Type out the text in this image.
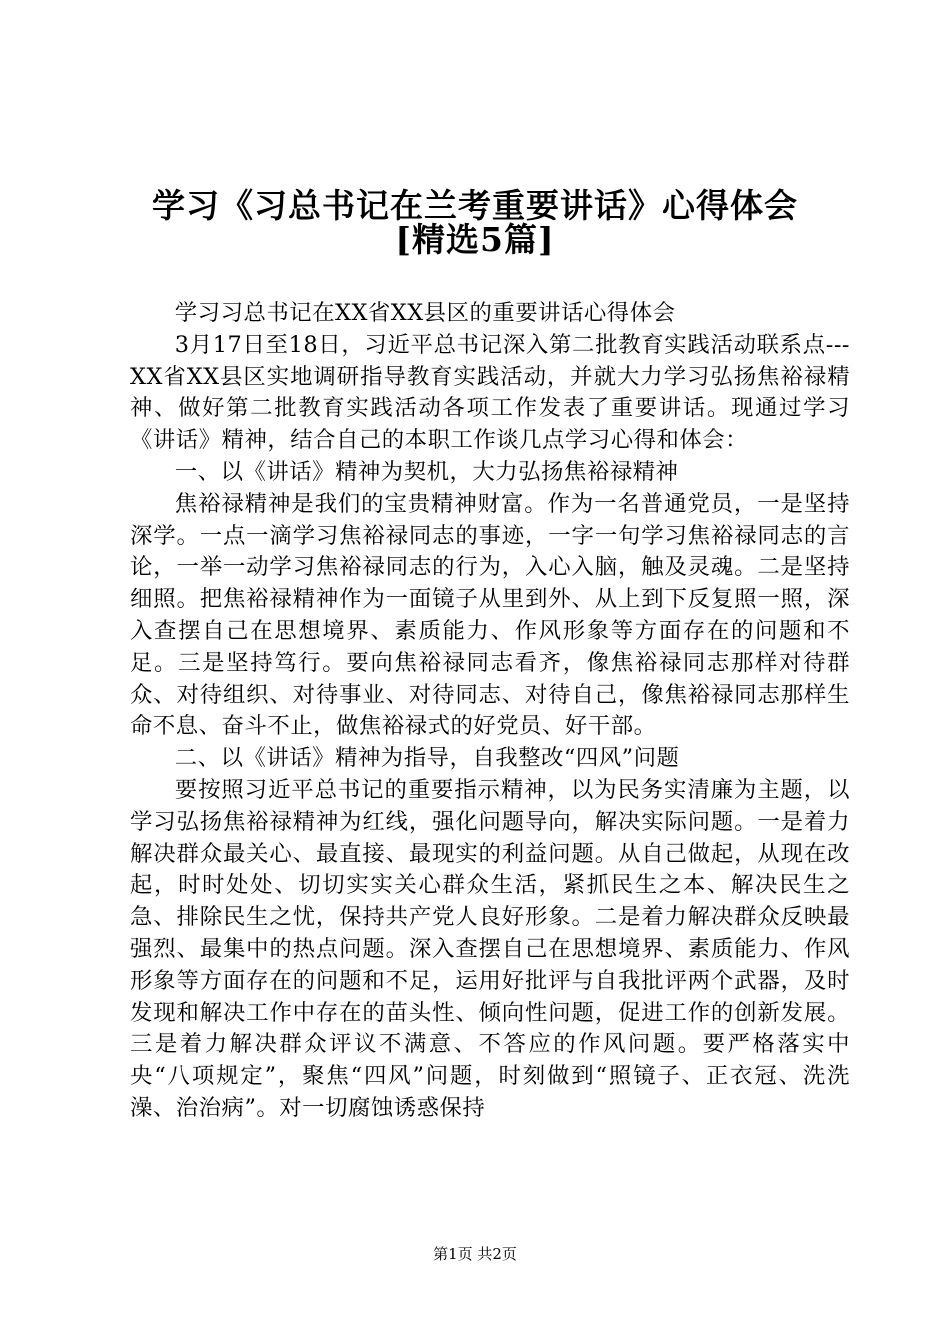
学习《习总书记在兰考重要讲话》心得体会
[精选5篇]

学习习总书记在XX省XX县区的重要讲话心得体会

3月17日至18日，习近平总书记深入第二批教育实践活动联系点---XX省XX县区实地调研指导教育实践活动，并就大力学习弘扬焦裕禄精神、做好第二批教育实践活动各项工作发表了重要讲话。现通过学习《讲话》精神，结合自己的本职工作谈几点学习心得和体会：

一、以《讲话》精神为契机，大力弘扬焦裕禄精神

焦裕禄精神是我们的宝贵精神财富。作为一名普通党员，一是坚持深学。一点一滴学习焦裕禄同志的事迹，一字一句学习焦裕禄同志的言论，一举一动学习焦裕禄同志的行为，入心入脑，触及灵魂。二是坚持细照。把焦裕禄精神作为一面镜子从里到外、从上到下反复照一照，深入查摆自己在思想境界、素质能力、作风形象等方面存在的问题和不足。三是坚持笃行。要向焦裕禄同志看齐，像焦裕禄同志那样对待群众、对待组织、对待事业、对待同志、对待自己，像焦裕禄同志那样生命不息、奋斗不止，做焦裕禄式的好党员、好干部。

二、以《讲话》精神为指导，自我整改“四风”问题

要按照习近平总书记的重要指示精神，以为民务实清廉为主题，以学习弘扬焦裕禄精神为红线，强化问题导向，解决实际问题。一是着力解决群众最关心、最直接、最现实的利益问题。从自己做起，从现在改起，时时处处、切切实实关心群众生活，紧抓民生之本、解决民生之急、排除民生之忧，保持共产党人良好形象。二是着力解决群众反映最强烈、最集中的热点问题。深入查摆自己在思想境界、素质能力、作风形象等方面存在的问题和不足，运用好批评与自我批评两个武器，及时发现和解决工作中存在的苗头性、倾向性问题，促进工作的创新发展。三是着力解决群众评议不满意、不答应的作风问题。要严格落实中央“八项规定”，聚焦“四风”问题，时刻做到“照镜子、正衣冠、洗洗澡、治治病”。对一切腐蚀诱惑保持

第1页 共2页
